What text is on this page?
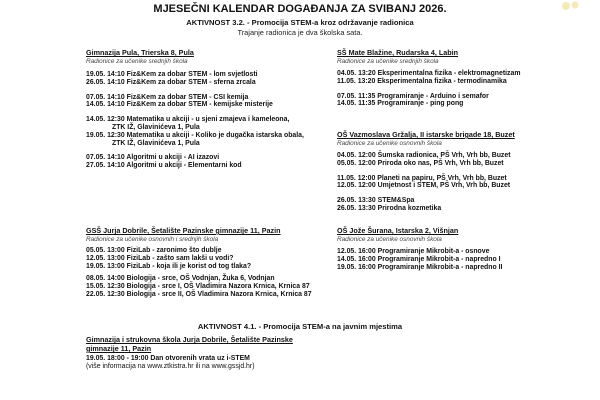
MJESEČNI KALENDAR DOGAĐANJA ZA SVIBANJ 2026.
AKTIVNOST 3.2. - Promocija STEM-a kroz održavanje radionica
Trajanje radionica je dva školska sata.
Gimnazija Pula, Trierska 8, Pula
Radionice za učenike srednjih škola
19.05. 14:10 Fiz&Kem za dobar STEM - lom svjetlosti
26.05. 14:10 Fiz&Kem za dobar STEM - sferna zrcala
07.05. 14:10 Fiz&Kem za dobar STEM - CSI kemija
14.05. 14:10 Fiz&Kem za dobar STEM - kemijske misterije
14.05. 12:30 Matematika u akciji - u sjeni zmajeva i kameleona,
ZTK IŽ, Glavinićeva 1, Pula
19.05. 12:30 Matematika u akciji - Koliko je dugačka istarska obala,
ZTK IŽ, Glavinićeva 1, Pula
07.05. 14:10 Algoritmi u akciji - AI izazovi
27.05. 14:10 Algoritmi u akciji - Elementarni kod
GSŠ Jurja Dobrile, Šetalište Pazinske gimnazije 11, Pazin
Radionice za učenike osnovnih i srednjih škola
05.05. 13:00 FiziLab - zaronimo što dublje
12.05. 13:00 FiziLab - zašto sam lakši u vodi?
19.05. 13:00 FiziLab - koja ili je korist od tog tlaka?
08.05. 14:00 Biologija - srce, OŠ Vodnjan, Žuka 6, Vodnjan
15.05. 12:30 Biologija - srce I, OŠ Vladimira Nazora Krnica, Krnica 87
22.05. 12:30 Biologija - srce II, OŠ Vladimira Nazora Krnica, Krnica 87
SŠ Mate Blažine, Rudarska 4, Labin
Radionice za učenike srednjih škola
04.05. 13:20 Eksperimentalna fizika - elektromagnetizam
11.05. 13:20 Eksperimentalna fizika - termodinamika
07.05. 11:35 Programiranje - Arduino i semafor
14.05. 11:35 Programiranje - ping pong
OŠ Vazmoslava Gržalja, II istarske brigade 18, Buzet
Radionice za učenike osnovnih škola
04.05. 12:00 Šumska radionica, PŠ Vrh, Vrh bb, Buzet
05.05. 12:00 Priroda oko nas, PŠ Vrh, Vrh bb, Buzet
11.05. 12:00 Planeti na papiru, PŠ Vrh, Vrh bb, Buzet
12.05. 12:00 Umjetnost i STEM, PŠ Vrh, Vrh bb, Buzet
26.05. 13:30 STEM&Spa
26.05. 13:30 Prirodna kozmetika
OŠ Jože Šurana, Istarska 2, Višnjan
Radionice za učenike osnovnih škola
12.05. 16:00 Programiranje Mikrobit-a - osnove
14.05. 16:00 Programiranje Mikrobit-a - napredno I
19.05. 16:00 Programiranje Mikrobit-a - napredno II
AKTIVNOST 4.1. - Promocija STEM-a na javnim mjestima
Gimnazija i strukovna škola Jurja Dobrile, Šetalište Pazinske
gimnazije 11, Pazin
19.05. 18:00 - 19:00 Dan otvorenih vrata uz i-STEM
(više informacija na www.ztkistra.hr ili na www.gssjd.hr)
